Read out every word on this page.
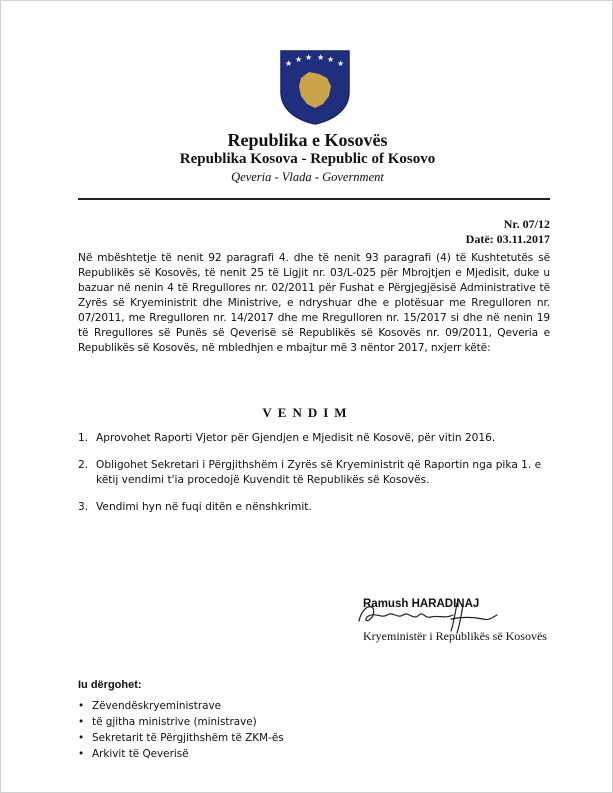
★ ★ ★ ★ ★ ★
Republika e Kosovës
Republika Kosova - Republic of Kosovo
Qeveria - Vlada - Government
Nr. 07/12
Datë: 03.11.2017
Në mbështetje të nenit 92 paragrafi 4. dhe të nenit 93 paragrafi (4) të Kushtetutës së Republikës së Kosovës, të nenit 25 të Ligjit nr. 03/L-025 për Mbrojtjen e Mjedisit, duke u bazuar në nenin 4 të Rregullores nr. 02/2011 për Fushat e Përgjegjësisë Administrative të Zyrës së Kryeministrit dhe Ministrive, e ndryshuar dhe e plotësuar me Rregulloren nr. 07/2011, me Rregulloren nr. 14/2017 dhe me Rregulloren nr. 15/2017 si dhe në nenin 19 të Rregullores së Punës së Qeverisë së Republikës së Kosovës nr. 09/2011, Qeveria e Republikës së Kosovës, në mbledhjen e mbajtur më 3 nëntor 2017, nxjerr këtë:
VENDIM
1. Aprovohet Raporti Vjetor për Gjendjen e Mjedisit në Kosovë, për vitin 2016.
2. Obligohet Sekretari i Përgjithshëm i Zyrës së Kryeministrit që Raportin nga pika 1. e këtij vendimi t'ia procedojë Kuvendit të Republikës së Kosovës.
3. Vendimi hyn në fuqi ditën e nënshkrimit.
Ramush HARADINAJ
Kryeministër i Republikës së Kosovës
Iu dërgohet:
• Zëvendëskryeministrave
• të gjitha ministrive (ministrave)
• Sekretarit të Përgjithshëm të ZKM-ës
• Arkivit të Qeverisë
